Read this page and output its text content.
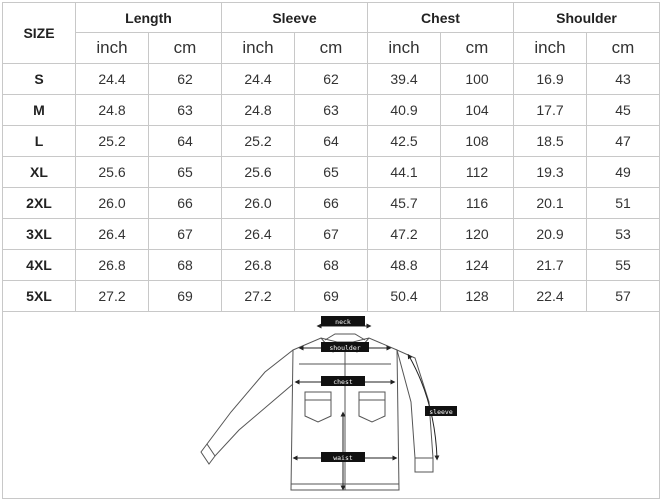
SIZE	Length		Sleeve		Chest		Shoulder	
	inch	cm	inch	cm	inch	cm	inch	cm
S	24.4	62	24.4	62	39.4	100	16.9	43
M	24.8	63	24.8	63	40.9	104	17.7	45
L	25.2	64	25.2	64	42.5	108	18.5	47
XL	25.6	65	25.6	65	44.1	112	19.3	49
2XL	26.0	66	26.0	66	45.7	116	20.1	51
3XL	26.4	67	26.4	67	47.2	120	20.9	53
4XL	26.8	68	26.8	68	48.8	124	21.7	55
5XL	27.2	69	27.2	69	50.4	128	22.4	57

neck
shoulder
chest
sleeve
waist								
